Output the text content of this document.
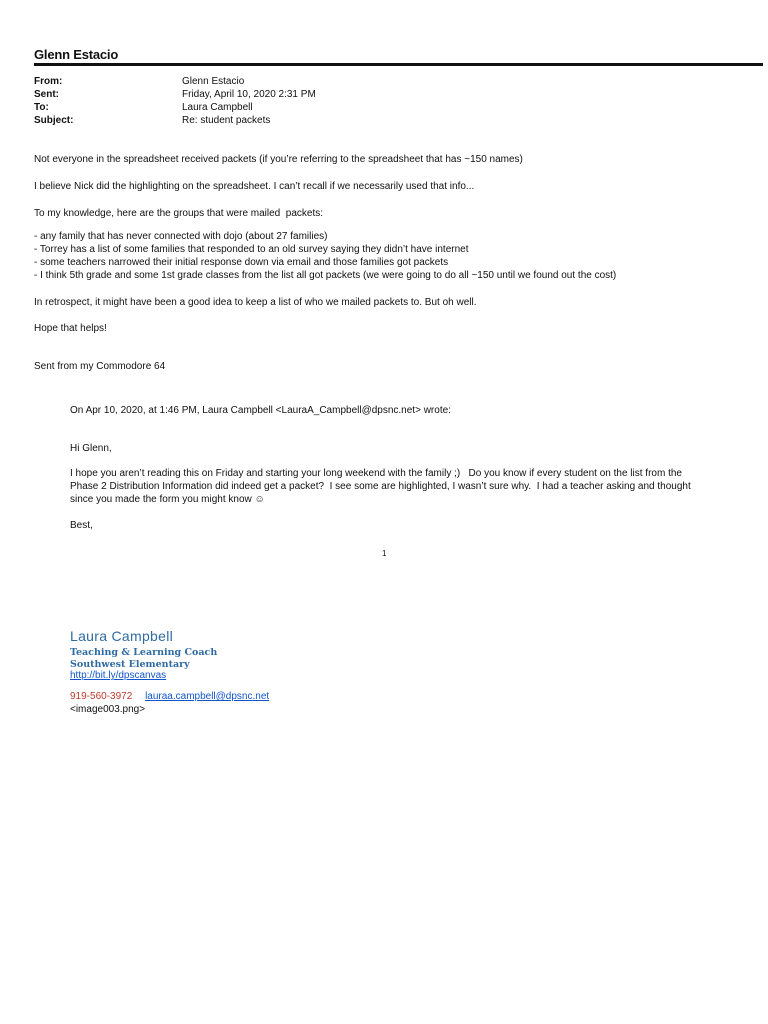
Glenn Estacio
From:	Glenn Estacio
Sent:	Friday, April 10, 2020 2:31 PM
To:	Laura Campbell
Subject:	Re: student packets
Not everyone in the spreadsheet received packets (if you’re referring to the spreadsheet that has ~150 names)
I believe Nick did the highlighting on the spreadsheet. I can’t recall if we necessarily used that info...
To my knowledge, here are the groups that were mailed  packets:
- any family that has never connected with dojo (about 27 families)
- Torrey has a list of some families that responded to an old survey saying they didn’t have internet
- some teachers narrowed their initial response down via email and those families got packets
- I think 5th grade and some 1st grade classes from the list all got packets (we were going to do all ~150 until we found out the cost)
In retrospect, it might have been a good idea to keep a list of who we mailed packets to. But oh well.
Hope that helps!
Sent from my Commodore 64
On Apr 10, 2020, at 1:46 PM, Laura Campbell <LauraA_Campbell@dpsnc.net> wrote:
Hi Glenn,
I hope you aren’t reading this on Friday and starting your long weekend with the family ;)   Do you know if every student on the list from the
Phase 2 Distribution Information did indeed get a packet?  I see some are highlighted, I wasn’t sure why.  I had a teacher asking and thought
since you made the form you might know ☺
Best,
1
Laura Campbell
Teaching & Learning Coach
Southwest Elementary
http://bit.ly/dpscanvas
919-560-3972 lauraa.campbell@dpsnc.net
<image003.png>
